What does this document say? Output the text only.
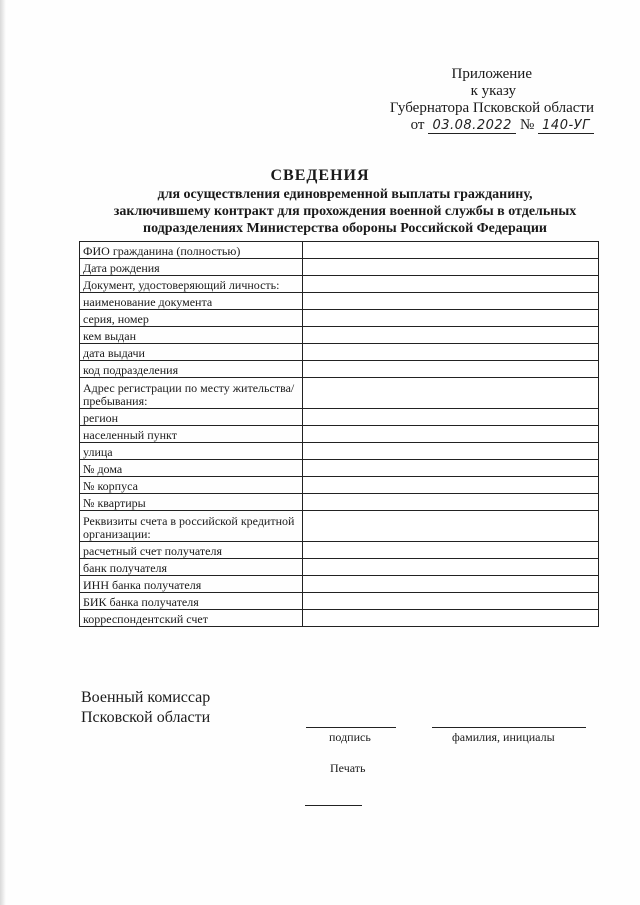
Приложение
к указу
Губернатора Псковской области
от 03.08.2022 № 140-УГ
СВЕДЕНИЯ
для осуществления единовременной выплаты гражданину,
заключившему контракт для прохождения военной службы в отдельных
подразделениях Министерства обороны Российской Федерации
ФИО гражданина (полностью)	
Дата рождения	
Документ, удостоверяющий личность:	
наименование документа	
серия, номер	
кем выдан	
дата выдачи	
код подразделения	
Адрес регистрации по месту жительства/пребывания:	
регион	
населенный пункт	
улица	
№ дома	
№ корпуса	
№ квартиры	
Реквизиты счета в российской кредитной организации:	
расчетный счет получателя	
банк получателя	
ИНН банка получателя	
БИК банка получателя	
корреспондентский счет	
Военный комиссар
Псковской области
подпись	фамилия, инициалы
Печать
